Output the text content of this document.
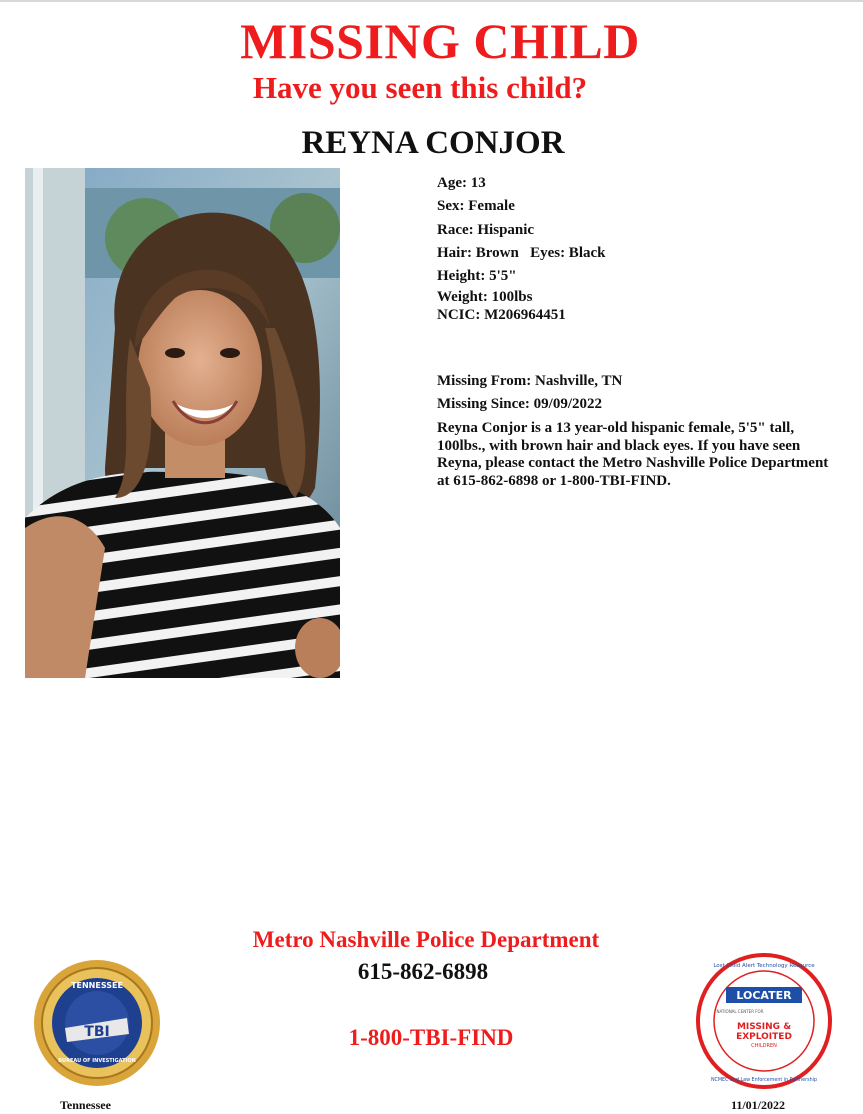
MISSING CHILD
Have you seen this child?
REYNA CONJOR
Age: 13
Sex: Female
Race: Hispanic
Hair: Brown Eyes: Black
Height: 5'5"
Weight: 100lbs
NCIC: M206964451
Missing From: Nashville, TN
Missing Since: 09/09/2022
Reyna Conjor is a 13 year-old hispanic female, 5'5" tall, 100lbs., with brown hair and black eyes. If you have seen Reyna, please contact the Metro Nashville Police Department at 615-862-6898 or 1-800-TBI-FIND.
Metro Nashville Police Department
615-862-6898
1-800-TBI-FIND
TENNESSEE
TBI
BUREAU OF INVESTIGATION
Tennessee
Lost Child Alert Technology Resource
LOCATER
NATIONAL CENTER FOR
MISSING &
EXPLOITED
CHILDREN
NCMEC and Law Enforcement in Partnership
11/01/2022
